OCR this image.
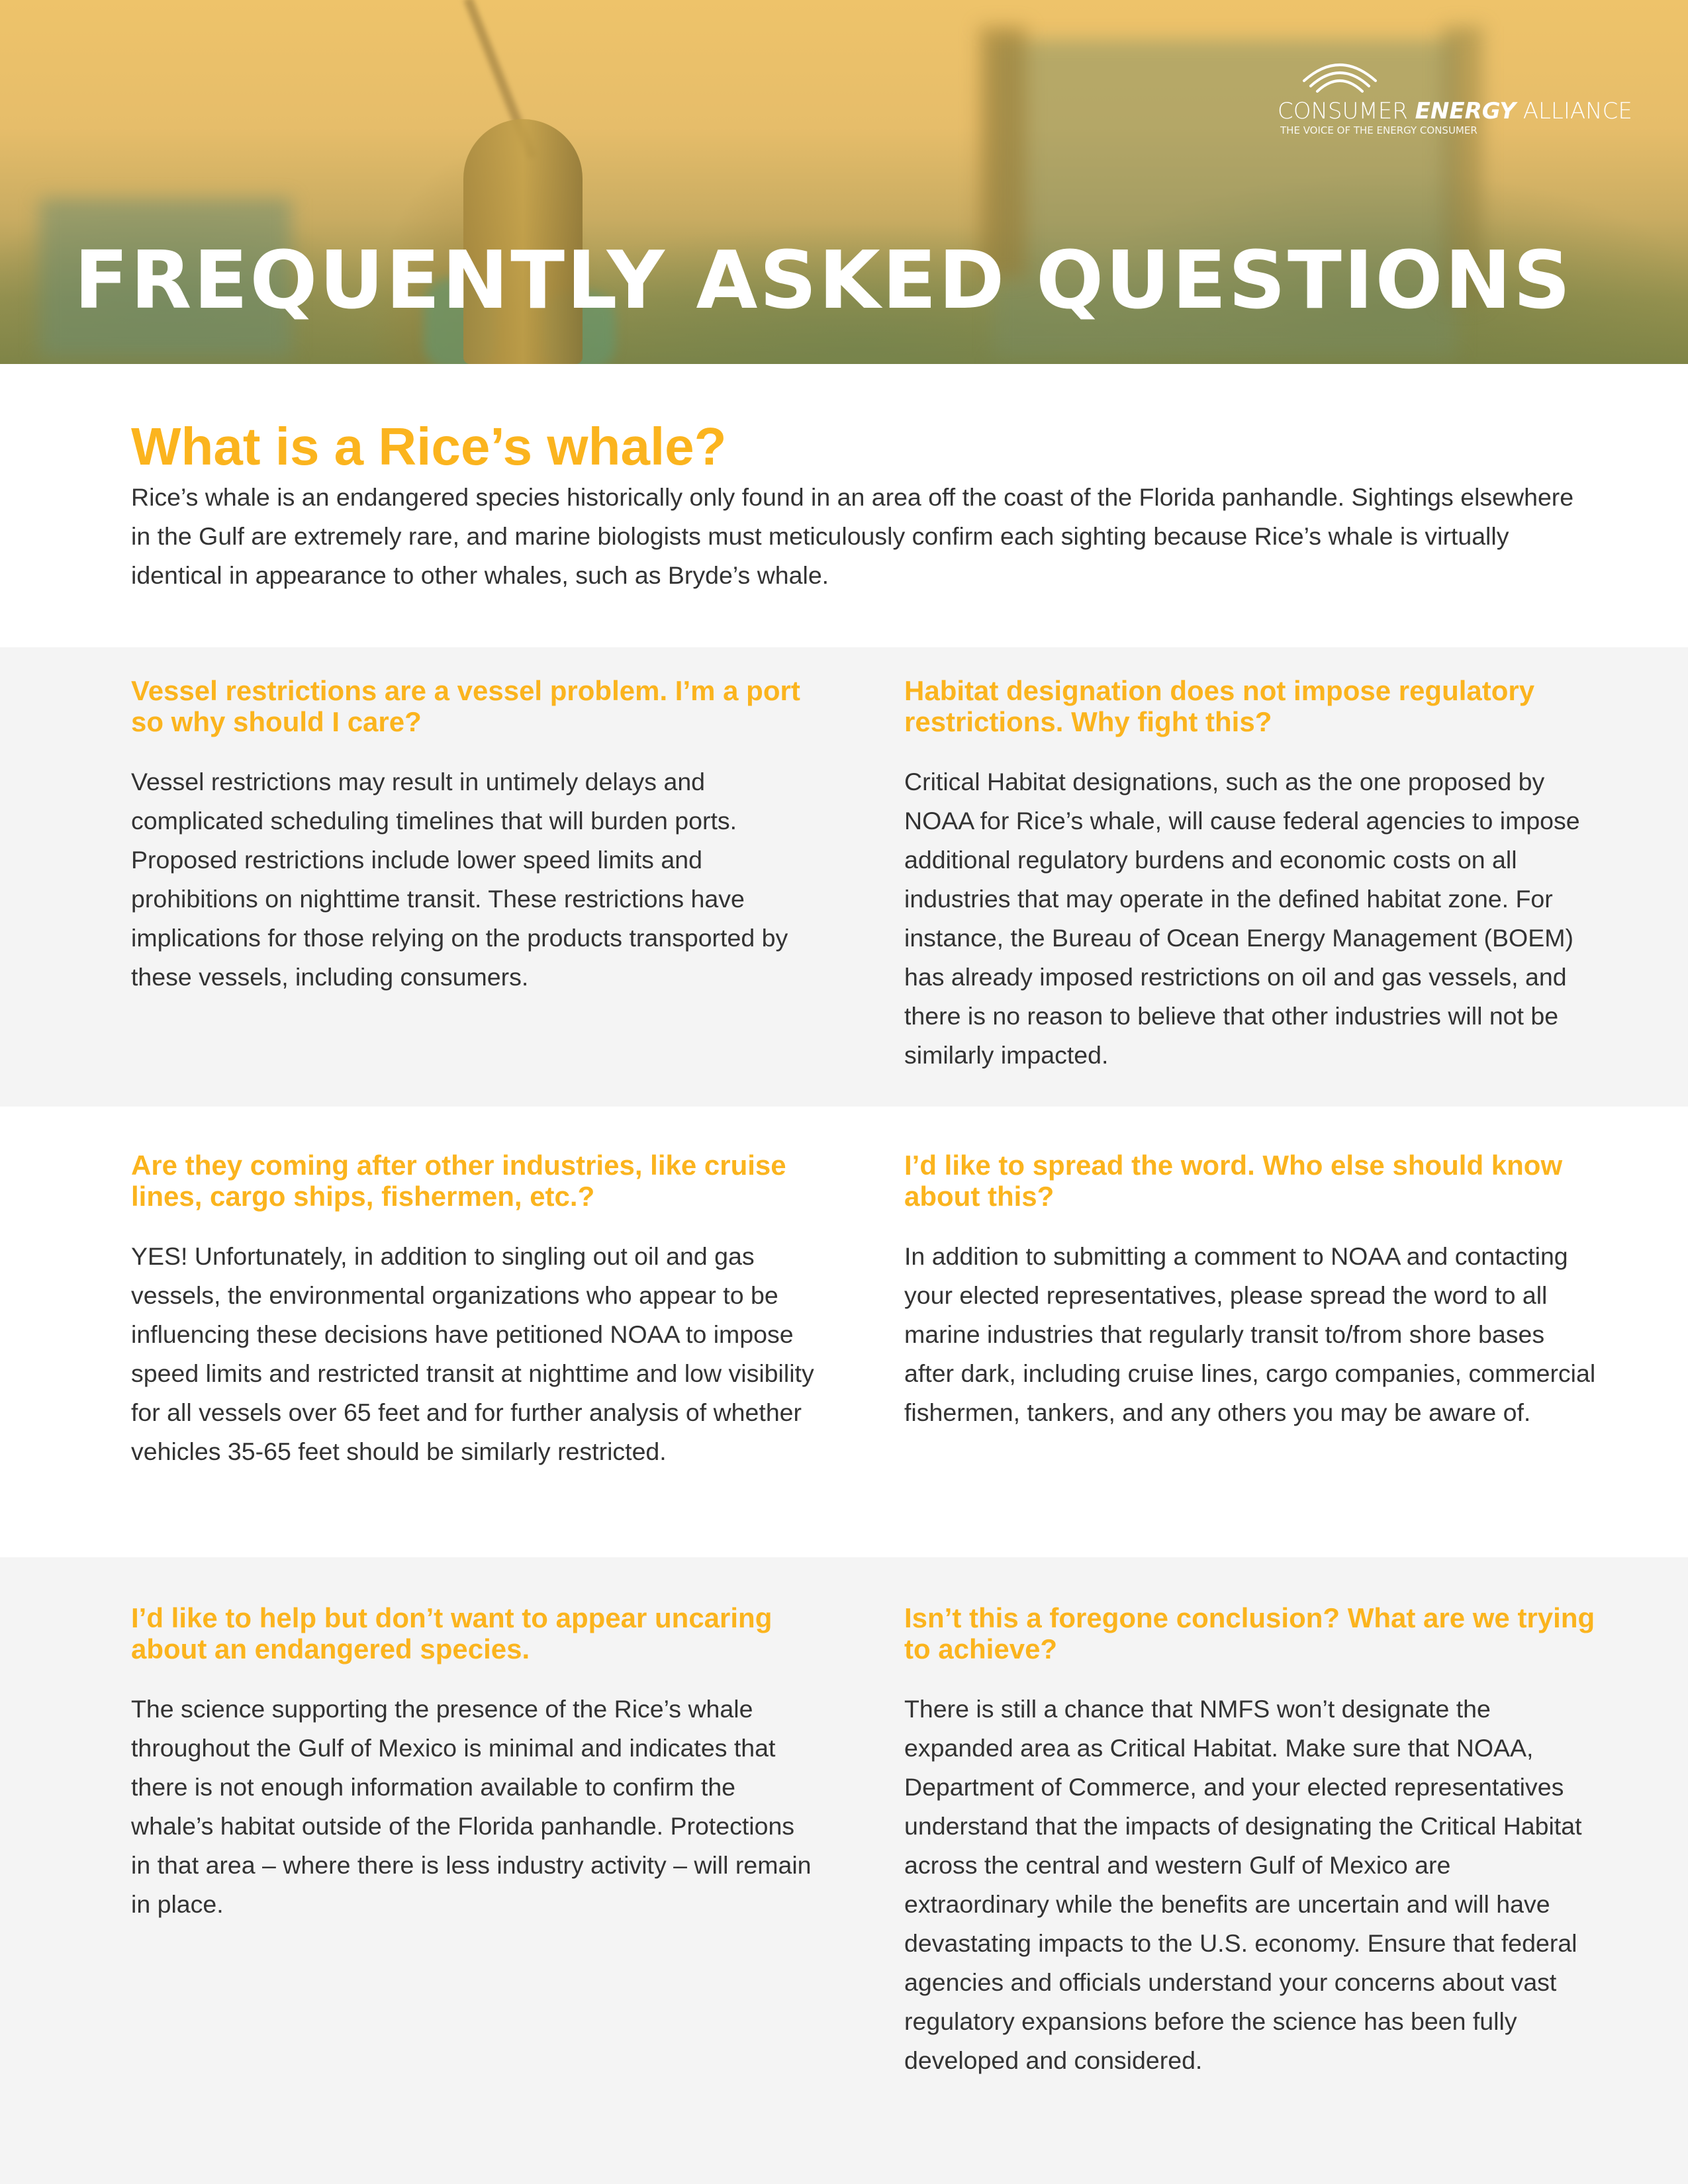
CONSUMER ENERGY ALLIANCE
THE VOICE OF THE ENERGY CONSUMER
FREQUENTLY ASKED QUESTIONS
What is a Rice’s whale?

Rice’s whale is an endangered species historically only found in an area off the coast of the Florida panhandle. Sightings elsewhere in the Gulf are extremely rare, and marine biologists must meticulously confirm each sighting because Rice’s whale is virtually identical in appearance to other whales, such as Bryde’s whale.

Vessel restrictions are a vessel problem. I’m a port so why should I care?

Vessel restrictions may result in untimely delays and complicated scheduling timelines that will burden ports. Proposed restrictions include lower speed limits and prohibitions on nighttime transit. These restrictions have implications for those relying on the products transported by these vessels, including consumers.

Habitat designation does not impose regulatory restrictions. Why fight this?

Critical Habitat designations, such as the one proposed by NOAA for Rice’s whale, will cause federal agencies to impose additional regulatory burdens and economic costs on all industries that may operate in the defined habitat zone. For instance, the Bureau of Ocean Energy Management (BOEM) has already imposed restrictions on oil and gas vessels, and there is no reason to believe that other industries will not be similarly impacted.

Are they coming after other industries, like cruise lines, cargo ships, fishermen, etc.?

YES! Unfortunately, in addition to singling out oil and gas vessels, the environmental organizations who appear to be influencing these decisions have petitioned NOAA to impose speed limits and restricted transit at nighttime and low visibility for all vessels over 65 feet and for further analysis of whether vehicles 35-65 feet should be similarly restricted.

I’d like to spread the word. Who else should know about this?

In addition to submitting a comment to NOAA and contacting your elected representatives, please spread the word to all marine industries that regularly transit to/from shore bases after dark, including cruise lines, cargo companies, commercial fishermen, tankers, and any others you may be aware of.

I’d like to help but don’t want to appear uncaring about an endangered species.

The science supporting the presence of the Rice’s whale throughout the Gulf of Mexico is minimal and indicates that there is not enough information available to confirm the whale’s habitat outside of the Florida panhandle. Protections in that area – where there is less industry activity – will remain in place.

Isn’t this a foregone conclusion? What are we trying to achieve?

There is still a chance that NMFS won’t designate the expanded area as Critical Habitat. Make sure that NOAA, Department of Commerce, and your elected representatives understand that the impacts of designating the Critical Habitat across the central and western Gulf of Mexico are extraordinary while the benefits are uncertain and will have devastating impacts to the U.S. economy. Ensure that federal agencies and officials understand your concerns about vast regulatory expansions before the science has been fully developed and considered.
